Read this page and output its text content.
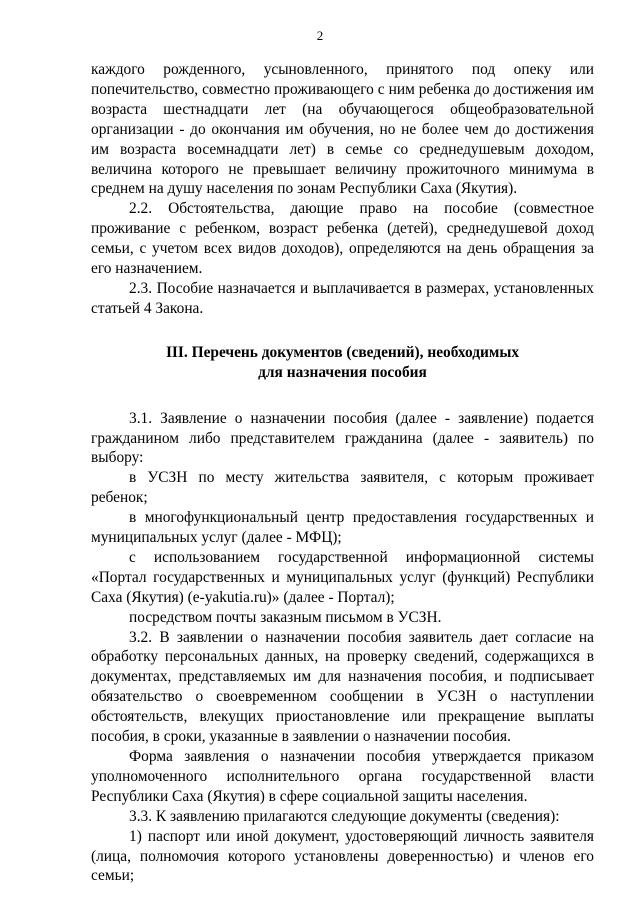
2

каждого рожденного, усыновленного, принятого под опеку или попечительство, совместно проживающего с ним ребенка до достижения им возраста шестнадцати лет (на обучающегося общеобразовательной организации - до окончания им обучения, но не более чем до достижения им возраста восемнадцати лет) в семье со среднедушевым доходом, величина которого не превышает величину прожиточного минимума в среднем на душу населения по зонам Республики Саха (Якутия).

2.2. Обстоятельства, дающие право на пособие (совместное проживание с ребенком, возраст ребенка (детей), среднедушевой доход семьи, с учетом всех видов доходов), определяются на день обращения за его назначением.

2.3. Пособие назначается и выплачивается в размерах, установленных статьей 4 Закона.

III. Перечень документов (сведений), необходимых
для назначения пособия

3.1. Заявление о назначении пособия (далее - заявление) подается гражданином либо представителем гражданина (далее - заявитель) по выбору:

в УСЗН по месту жительства заявителя, с которым проживает ребенок;

в многофункциональный центр предоставления государственных и муниципальных услуг (далее - МФЦ);

с использованием государственной информационной системы «Портал государственных и муниципальных услуг (функций) Республики Саха (Якутия) (e-yakutia.ru)» (далее - Портал);

посредством почты заказным письмом в УСЗН.

3.2. В заявлении о назначении пособия заявитель дает согласие на обработку персональных данных, на проверку сведений, содержащихся в документах, представляемых им для назначения пособия, и подписывает обязательство о своевременном сообщении в УСЗН о наступлении обстоятельств, влекущих приостановление или прекращение выплаты пособия, в сроки, указанные в заявлении о назначении пособия.

Форма заявления о назначении пособия утверждается приказом уполномоченного исполнительного органа государственной власти Республики Саха (Якутия) в сфере социальной защиты населения.

3.3. К заявлению прилагаются следующие документы (сведения):

1) паспорт или иной документ, удостоверяющий личность заявителя (лица, полномочия которого установлены доверенностью) и членов его семьи;
